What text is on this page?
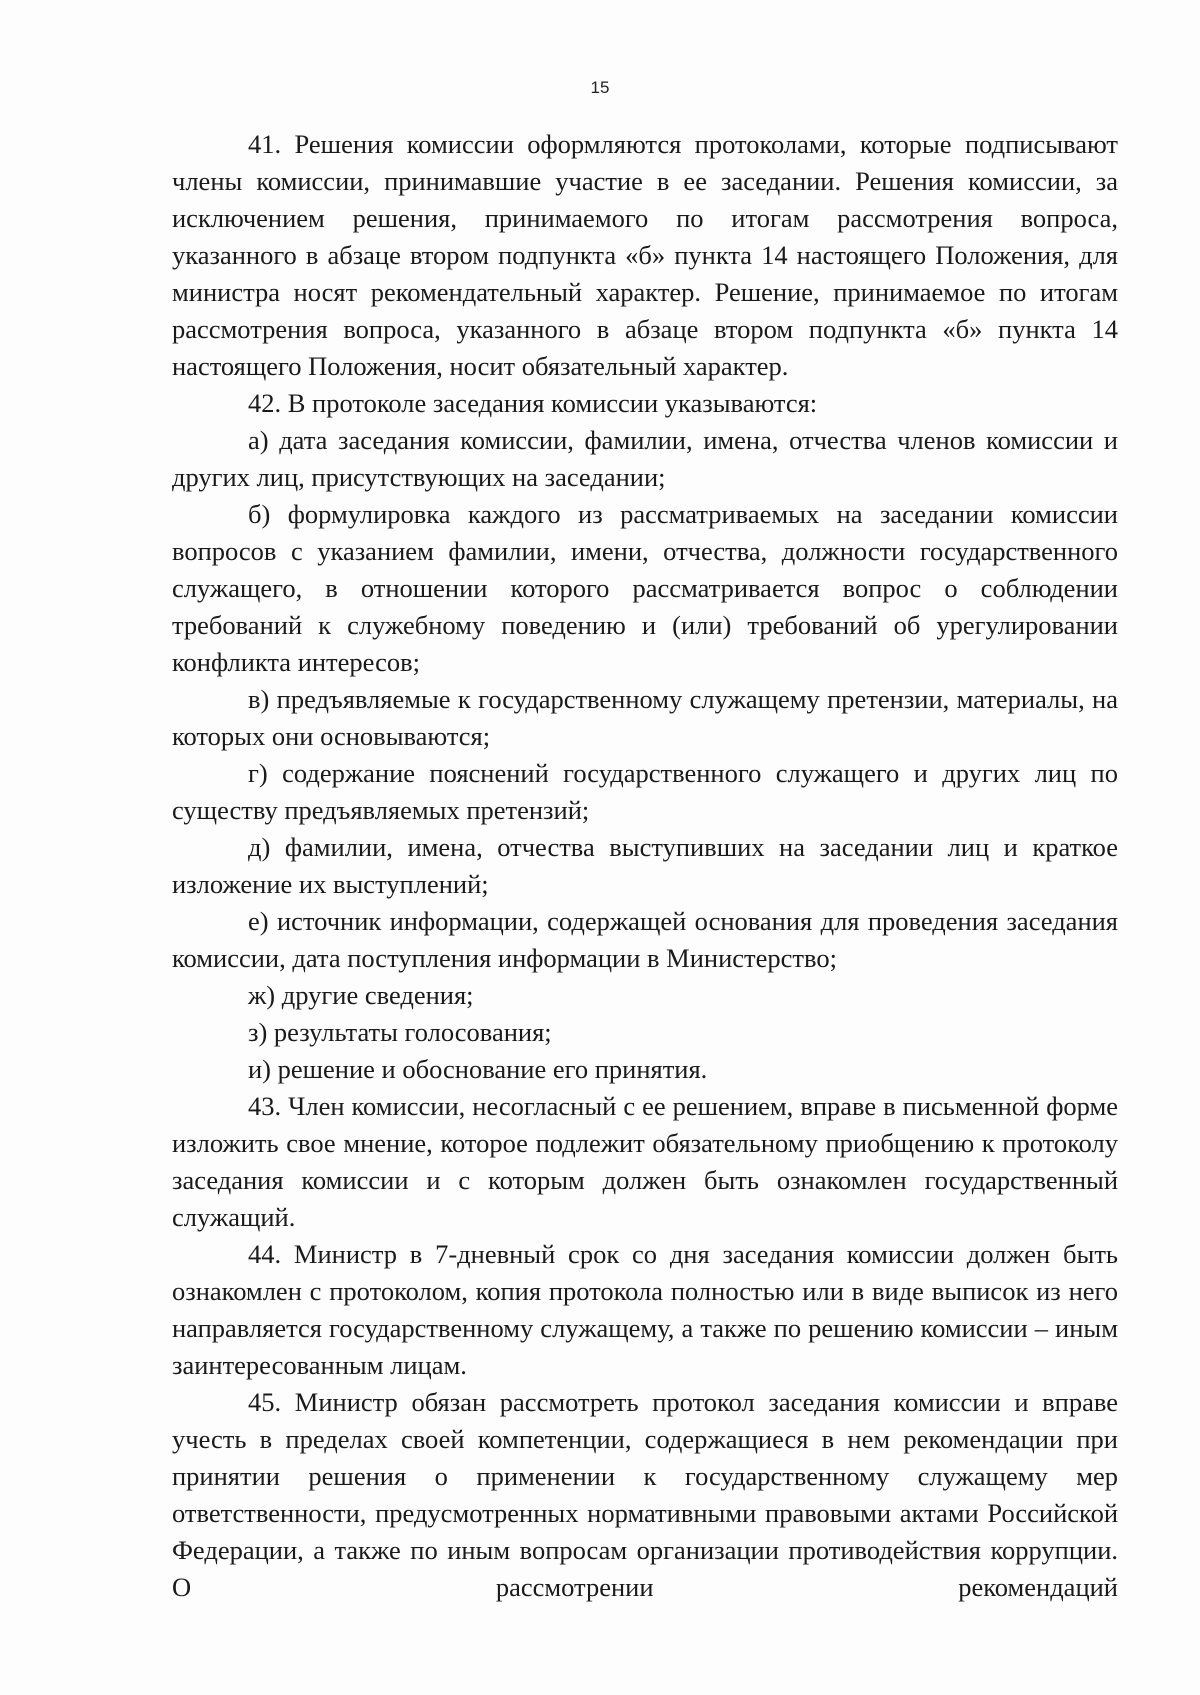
15

41. Решения комиссии оформляются протоколами, которые подписывают члены комиссии, принимавшие участие в ее заседании. Решения комиссии, за исключением решения, принимаемого по итогам рассмотрения вопроса, указанного в абзаце втором подпункта «б» пункта 14 настоящего Положения, для министра носят рекомендательный характер. Решение, принимаемое по итогам рассмотрения вопроса, указанного в абзаце втором подпункта «б» пункта 14 настоящего Положения, носит обязательный характер.

42. В протоколе заседания комиссии указываются:

а) дата заседания комиссии, фамилии, имена, отчества членов комиссии и других лиц, присутствующих на заседании;

б) формулировка каждого из рассматриваемых на заседании комиссии вопросов с указанием фамилии, имени, отчества, должности государственного служащего, в отношении которого рассматривается вопрос о соблюдении требований к служебному поведению и (или) требований об урегулировании конфликта интересов;

в) предъявляемые к государственному служащему претензии, материалы, на которых они основываются;

г) содержание пояснений государственного служащего и других лиц по существу предъявляемых претензий;

д) фамилии, имена, отчества выступивших на заседании лиц и краткое изложение их выступлений;

е) источник информации, содержащей основания для проведения заседания комиссии, дата поступления информации в Министерство;

ж) другие сведения;

з) результаты голосования;

и) решение и обоснование его принятия.

43. Член комиссии, несогласный с ее решением, вправе в письменной форме изложить свое мнение, которое подлежит обязательному приобщению к протоколу заседания комиссии и с которым должен быть ознакомлен государственный служащий.

44. Министр в 7-дневный срок со дня заседания комиссии должен быть ознакомлен с протоколом, копия протокола полностью или в виде выписок из него направляется государственному служащему, а также по решению комиссии – иным заинтересованным лицам.

45. Министр обязан рассмотреть протокол заседания комиссии и вправе учесть в пределах своей компетенции, содержащиеся в нем рекомендации при принятии решения о применении к государственному служащему мер ответственности, предусмотренных нормативными правовыми актами Российской Федерации, а также по иным вопросам организации противодействия коррупции. О рассмотрении рекомендаций
